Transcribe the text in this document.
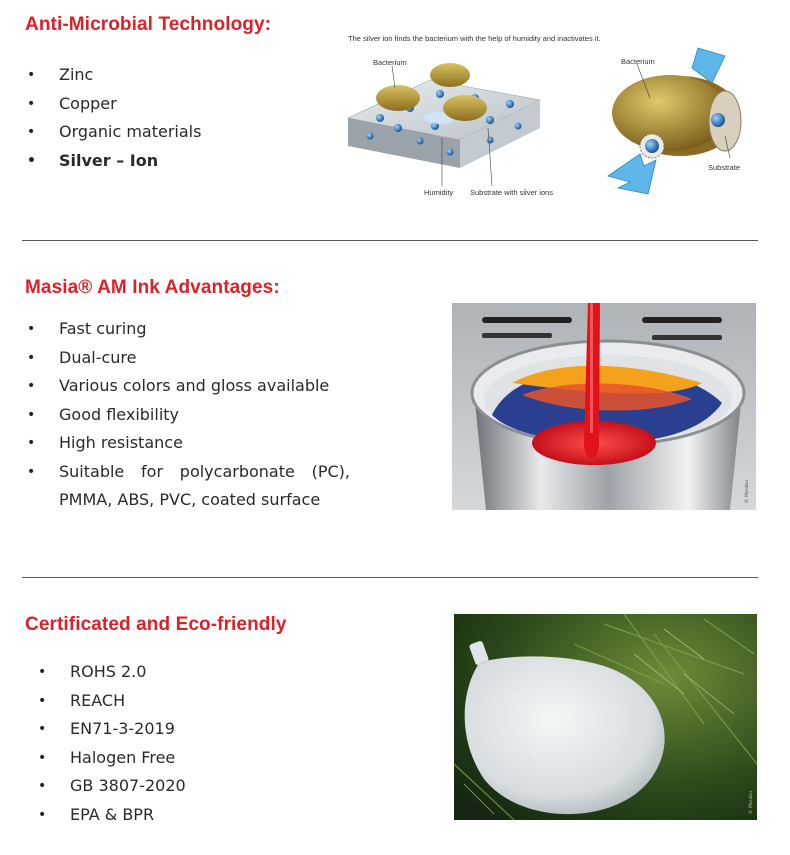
Anti-Microbial Technology:
• Zinc
• Copper
• Organic materials
• Silver – Ion
The silver ion finds the bacterium with the help of humidity and inactivates it.
Bacterium
Humidity Substrate with silver ions
Bacterium
Substrate
Masia® AM Ink Advantages:
• Fast curing
• Dual-cure
• Various colors and gloss available
• Good flexibility
• High resistance
• Suitable for polycarbonate (PC), PMMA, ABS, PVC, coated surface	© Marabu
Certificated and Eco-friendly
• ROHS 2.0
• REACH
• EN71-3-2019
• Halogen Free
• GB 3807-2020
• EPA & BPR	© Marabu
